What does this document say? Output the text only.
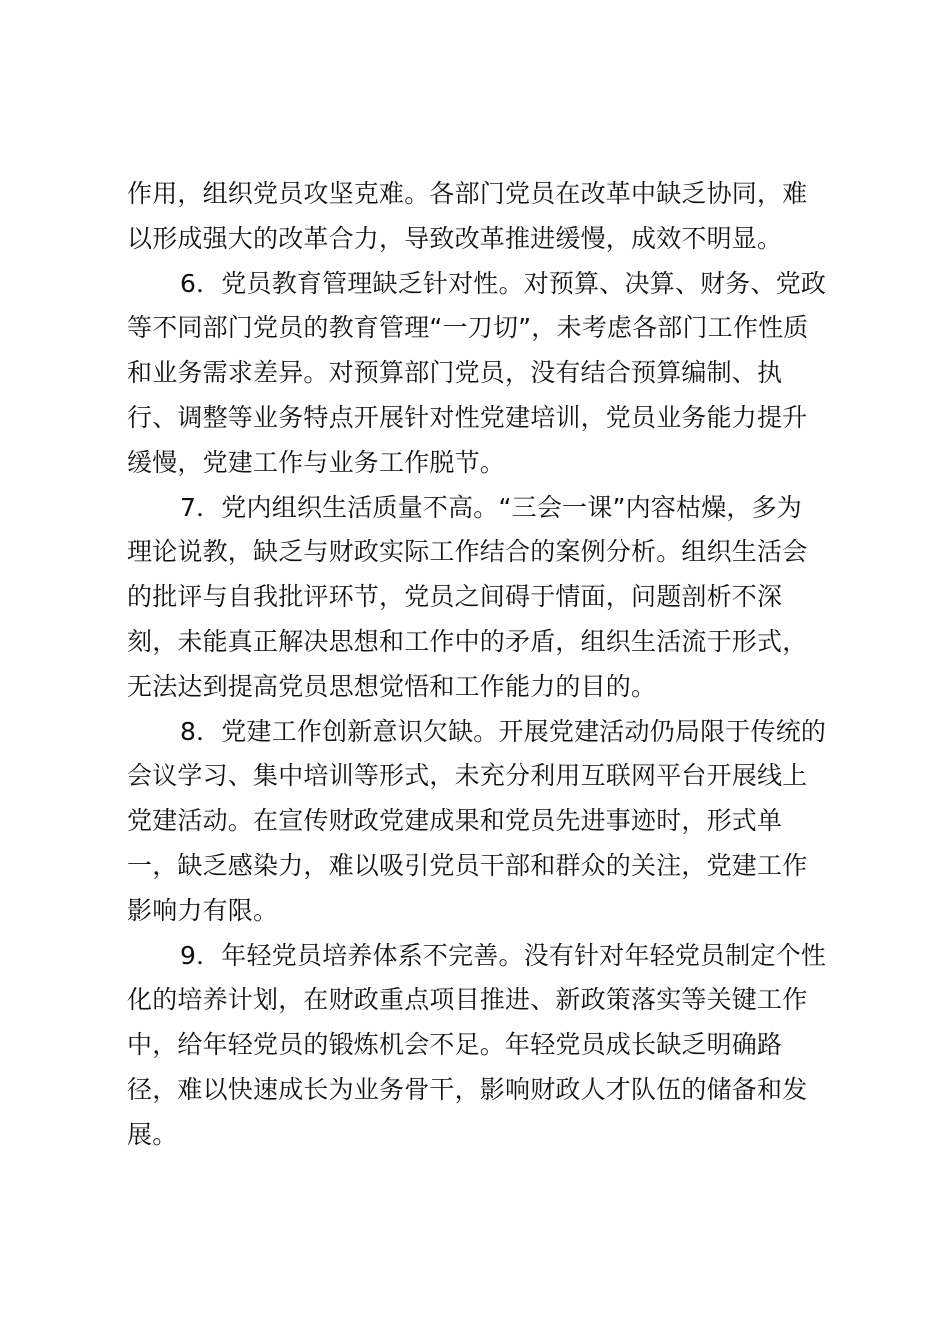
作用，组织党员攻坚克难。各部门党员在改革中缺乏协同，难
以形成强大的改革合力，导致改革推进缓慢，成效不明显。
6．党员教育管理缺乏针对性。对预算、决算、财务、党政
等不同部门党员的教育管理“一刀切”，未考虑各部门工作性质
和业务需求差异。对预算部门党员，没有结合预算编制、执
行、调整等业务特点开展针对性党建培训，党员业务能力提升
缓慢，党建工作与业务工作脱节。
7．党内组织生活质量不高。“三会一课”内容枯燥，多为
理论说教，缺乏与财政实际工作结合的案例分析。组织生活会
的批评与自我批评环节，党员之间碍于情面，问题剖析不深
刻，未能真正解决思想和工作中的矛盾，组织生活流于形式，
无法达到提高党员思想觉悟和工作能力的目的。
8．党建工作创新意识欠缺。开展党建活动仍局限于传统的
会议学习、集中培训等形式，未充分利用互联网平台开展线上
党建活动。在宣传财政党建成果和党员先进事迹时，形式单
一，缺乏感染力，难以吸引党员干部和群众的关注，党建工作
影响力有限。
9．年轻党员培养体系不完善。没有针对年轻党员制定个性
化的培养计划，在财政重点项目推进、新政策落实等关键工作
中，给年轻党员的锻炼机会不足。年轻党员成长缺乏明确路
径，难以快速成长为业务骨干，影响财政人才队伍的储备和发
展。
